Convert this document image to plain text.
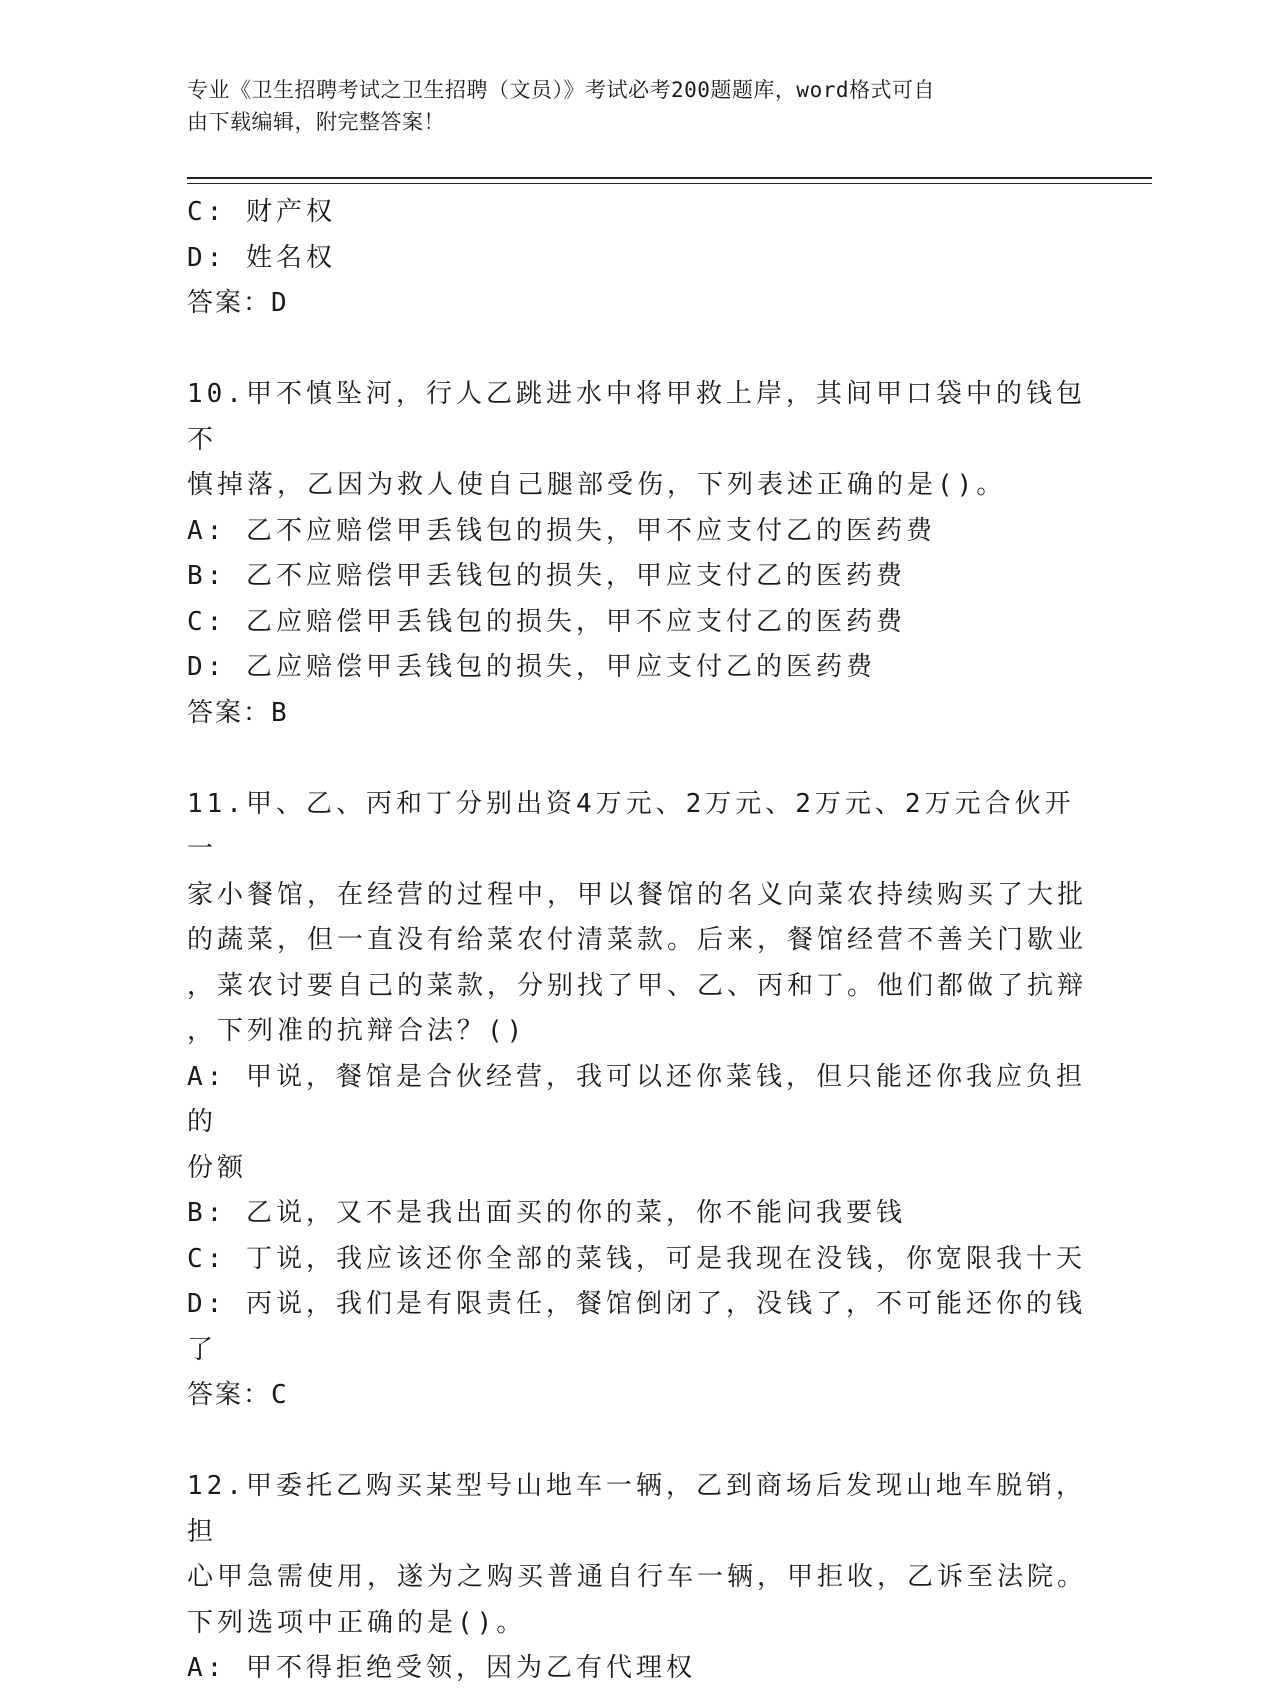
专业《卫生招聘考试之卫生招聘（文员）》考试必考200题题库，word格式可自
由下载编辑，附完整答案！
C: 财产权
D: 姓名权
答案：D
10.甲不慎坠河，行人乙跳进水中将甲救上岸，其间甲口袋中的钱包不
慎掉落，乙因为救人使自己腿部受伤，下列表述正确的是()。
A: 乙不应赔偿甲丢钱包的损失，甲不应支付乙的医药费
B: 乙不应赔偿甲丢钱包的损失，甲应支付乙的医药费
C: 乙应赔偿甲丢钱包的损失，甲不应支付乙的医药费
D: 乙应赔偿甲丢钱包的损失，甲应支付乙的医药费
答案：B
11.甲、乙、丙和丁分别出资4万元、2万元、2万元、2万元合伙开一
家小餐馆，在经营的过程中，甲以餐馆的名义向菜农持续购买了大批
的蔬菜，但一直没有给菜农付清菜款。后来，餐馆经营不善关门歇业
，菜农讨要自己的菜款，分别找了甲、乙、丙和丁。他们都做了抗辩
，下列准的抗辩合法？()
A: 甲说，餐馆是合伙经营，我可以还你菜钱，但只能还你我应负担的
份额
B: 乙说，又不是我出面买的你的菜，你不能问我要钱
C: 丁说，我应该还你全部的菜钱，可是我现在没钱，你宽限我十天
D: 丙说，我们是有限责任，餐馆倒闭了，没钱了，不可能还你的钱了
答案：C
12.甲委托乙购买某型号山地车一辆，乙到商场后发现山地车脱销，担
心甲急需使用，遂为之购买普通自行车一辆，甲拒收，乙诉至法院。
下列选项中正确的是()。
A: 甲不得拒绝受领，因为乙有代理权
